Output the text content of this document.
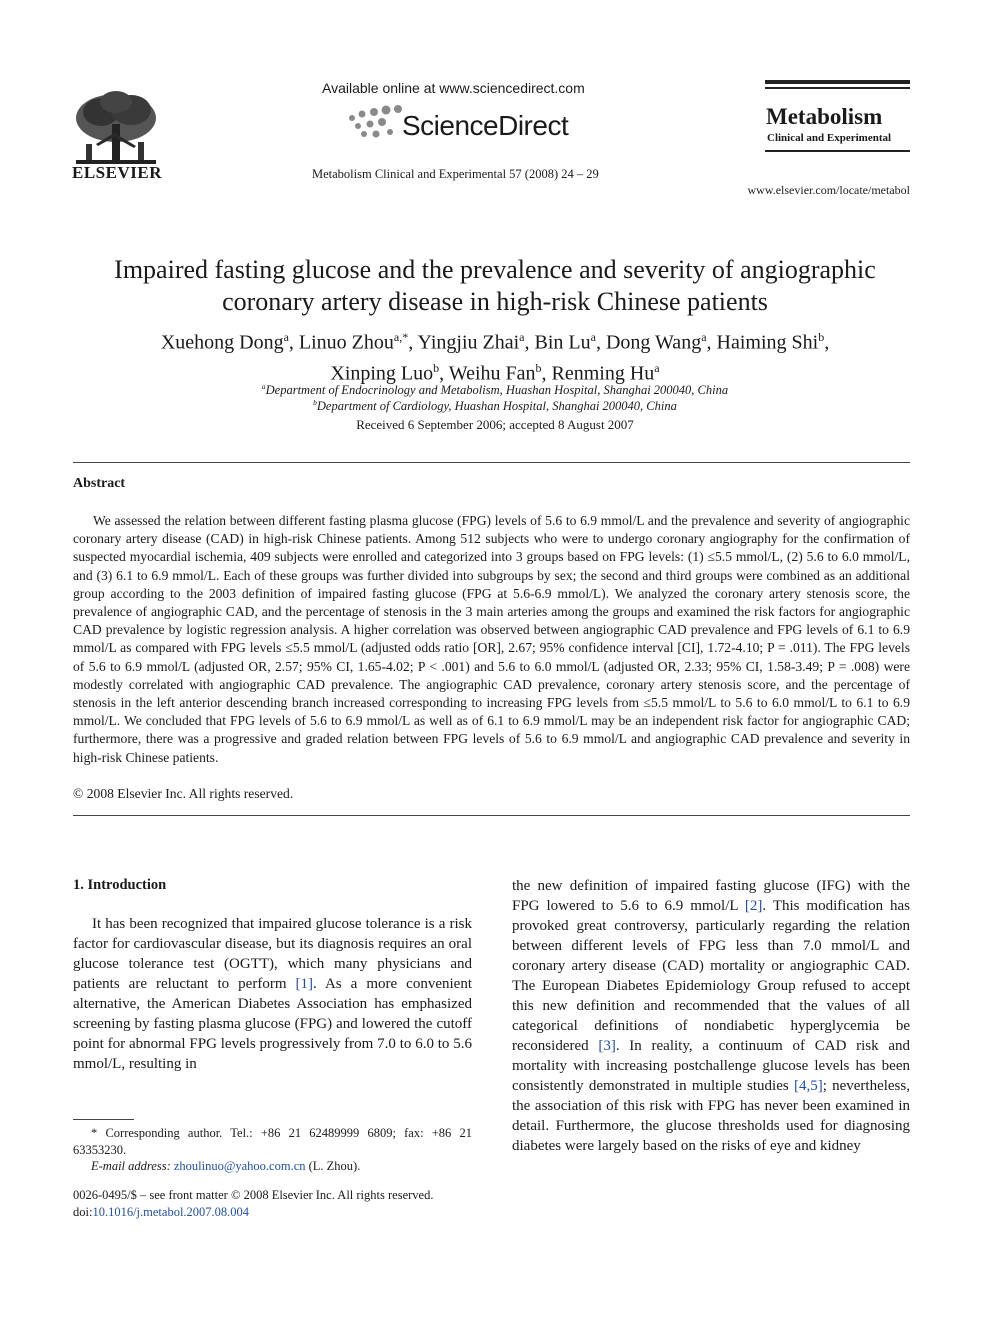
ELSEVIER
Available online at www.sciencedirect.com
ScienceDirect
Metabolism Clinical and Experimental 57 (2008) 24 – 29
Metabolism
Clinical and Experimental
www.elsevier.com/locate/metabol
Impaired fasting glucose and the prevalence and severity of angiographic
coronary artery disease in high-risk Chinese patients
Xuehong Dong$^a$, Linuo Zhou$^{a,*}$, Yingjiu Zhai$^a$, Bin Lu$^a$, Dong Wang$^a$, Haiming Shi$^b$,
Xinping Luo$^b$, Weihu Fan$^b$, Renming Hu$^a$
$^a$Department of Endocrinology and Metabolism, Huashan Hospital, Shanghai 200040, China
$^b$Department of Cardiology, Huashan Hospital, Shanghai 200040, China
Received 6 September 2006; accepted 8 August 2007
Abstract
We assessed the relation between different fasting plasma glucose (FPG) levels of 5.6 to 6.9 mmol/L and the prevalence and severity of angiographic coronary artery disease (CAD) in high-risk Chinese patients. Among 512 subjects who were to undergo coronary angiography for the confirmation of suspected myocardial ischemia, 409 subjects were enrolled and categorized into 3 groups based on FPG levels: (1) ≤5.5 mmol/L, (2) 5.6 to 6.0 mmol/L, and (3) 6.1 to 6.9 mmol/L. Each of these groups was further divided into subgroups by sex; the second and third groups were combined as an additional group according to the 2003 definition of impaired fasting glucose (FPG at 5.6-6.9 mmol/L). We analyzed the coronary artery stenosis score, the prevalence of angiographic CAD, and the percentage of stenosis in the 3 main arteries among the groups and examined the risk factors for angiographic CAD prevalence by logistic regression analysis. A higher correlation was observed between angiographic CAD prevalence and FPG levels of 6.1 to 6.9 mmol/L as compared with FPG levels ≤5.5 mmol/L (adjusted odds ratio [OR], 2.67; 95% confidence interval [CI], 1.72-4.10; P = .011). The FPG levels of 5.6 to 6.9 mmol/L (adjusted OR, 2.57; 95% CI, 1.65-4.02; P < .001) and 5.6 to 6.0 mmol/L (adjusted OR, 2.33; 95% CI, 1.58-3.49; P = .008) were modestly correlated with angiographic CAD prevalence. The angiographic CAD prevalence, coronary artery stenosis score, and the percentage of stenosis in the left anterior descending branch increased corresponding to increasing FPG levels from ≤5.5 mmol/L to 5.6 to 6.0 mmol/L to 6.1 to 6.9 mmol/L. We concluded that FPG levels of 5.6 to 6.9 mmol/L as well as of 6.1 to 6.9 mmol/L may be an independent risk factor for angiographic CAD; furthermore, there was a progressive and graded relation between FPG levels of 5.6 to 6.9 mmol/L and angiographic CAD prevalence and severity in high-risk Chinese patients.
© 2008 Elsevier Inc. All rights reserved.
1. Introduction
It has been recognized that impaired glucose tolerance is a risk factor for cardiovascular disease, but its diagnosis requires an oral glucose tolerance test (OGTT), which many physicians and patients are reluctant to perform [1]. As a more convenient alternative, the American Diabetes Association has emphasized screening by fasting plasma glucose (FPG) and lowered the cutoff point for abnormal FPG levels progressively from 7.0 to 6.0 to 5.6 mmol/L, resulting in
the new definition of impaired fasting glucose (IFG) with the FPG lowered to 5.6 to 6.9 mmol/L [2]. This modification has provoked great controversy, particularly regarding the relation between different levels of FPG less than 7.0 mmol/L and coronary artery disease (CAD) mortality or angiographic CAD. The European Diabetes Epidemiology Group refused to accept this new definition and recommended that the values of all categorical definitions of nondiabetic hyperglycemia be reconsidered [3]. In reality, a continuum of CAD risk and mortality with increasing postchallenge glucose levels has been consistently demonstrated in multiple studies [4,5]; nevertheless, the association of this risk with FPG has never been examined in detail. Furthermore, the glucose thresholds used for diagnosing diabetes were largely based on the risks of eye and kidney
* Corresponding author. Tel.: +86 21 62489999 6809; fax: +86 21 63353230.
E-mail address: zhoulinuo@yahoo.com.cn (L. Zhou).
0026-0495/$ – see front matter © 2008 Elsevier Inc. All rights reserved.
doi:10.1016/j.metabol.2007.08.004
